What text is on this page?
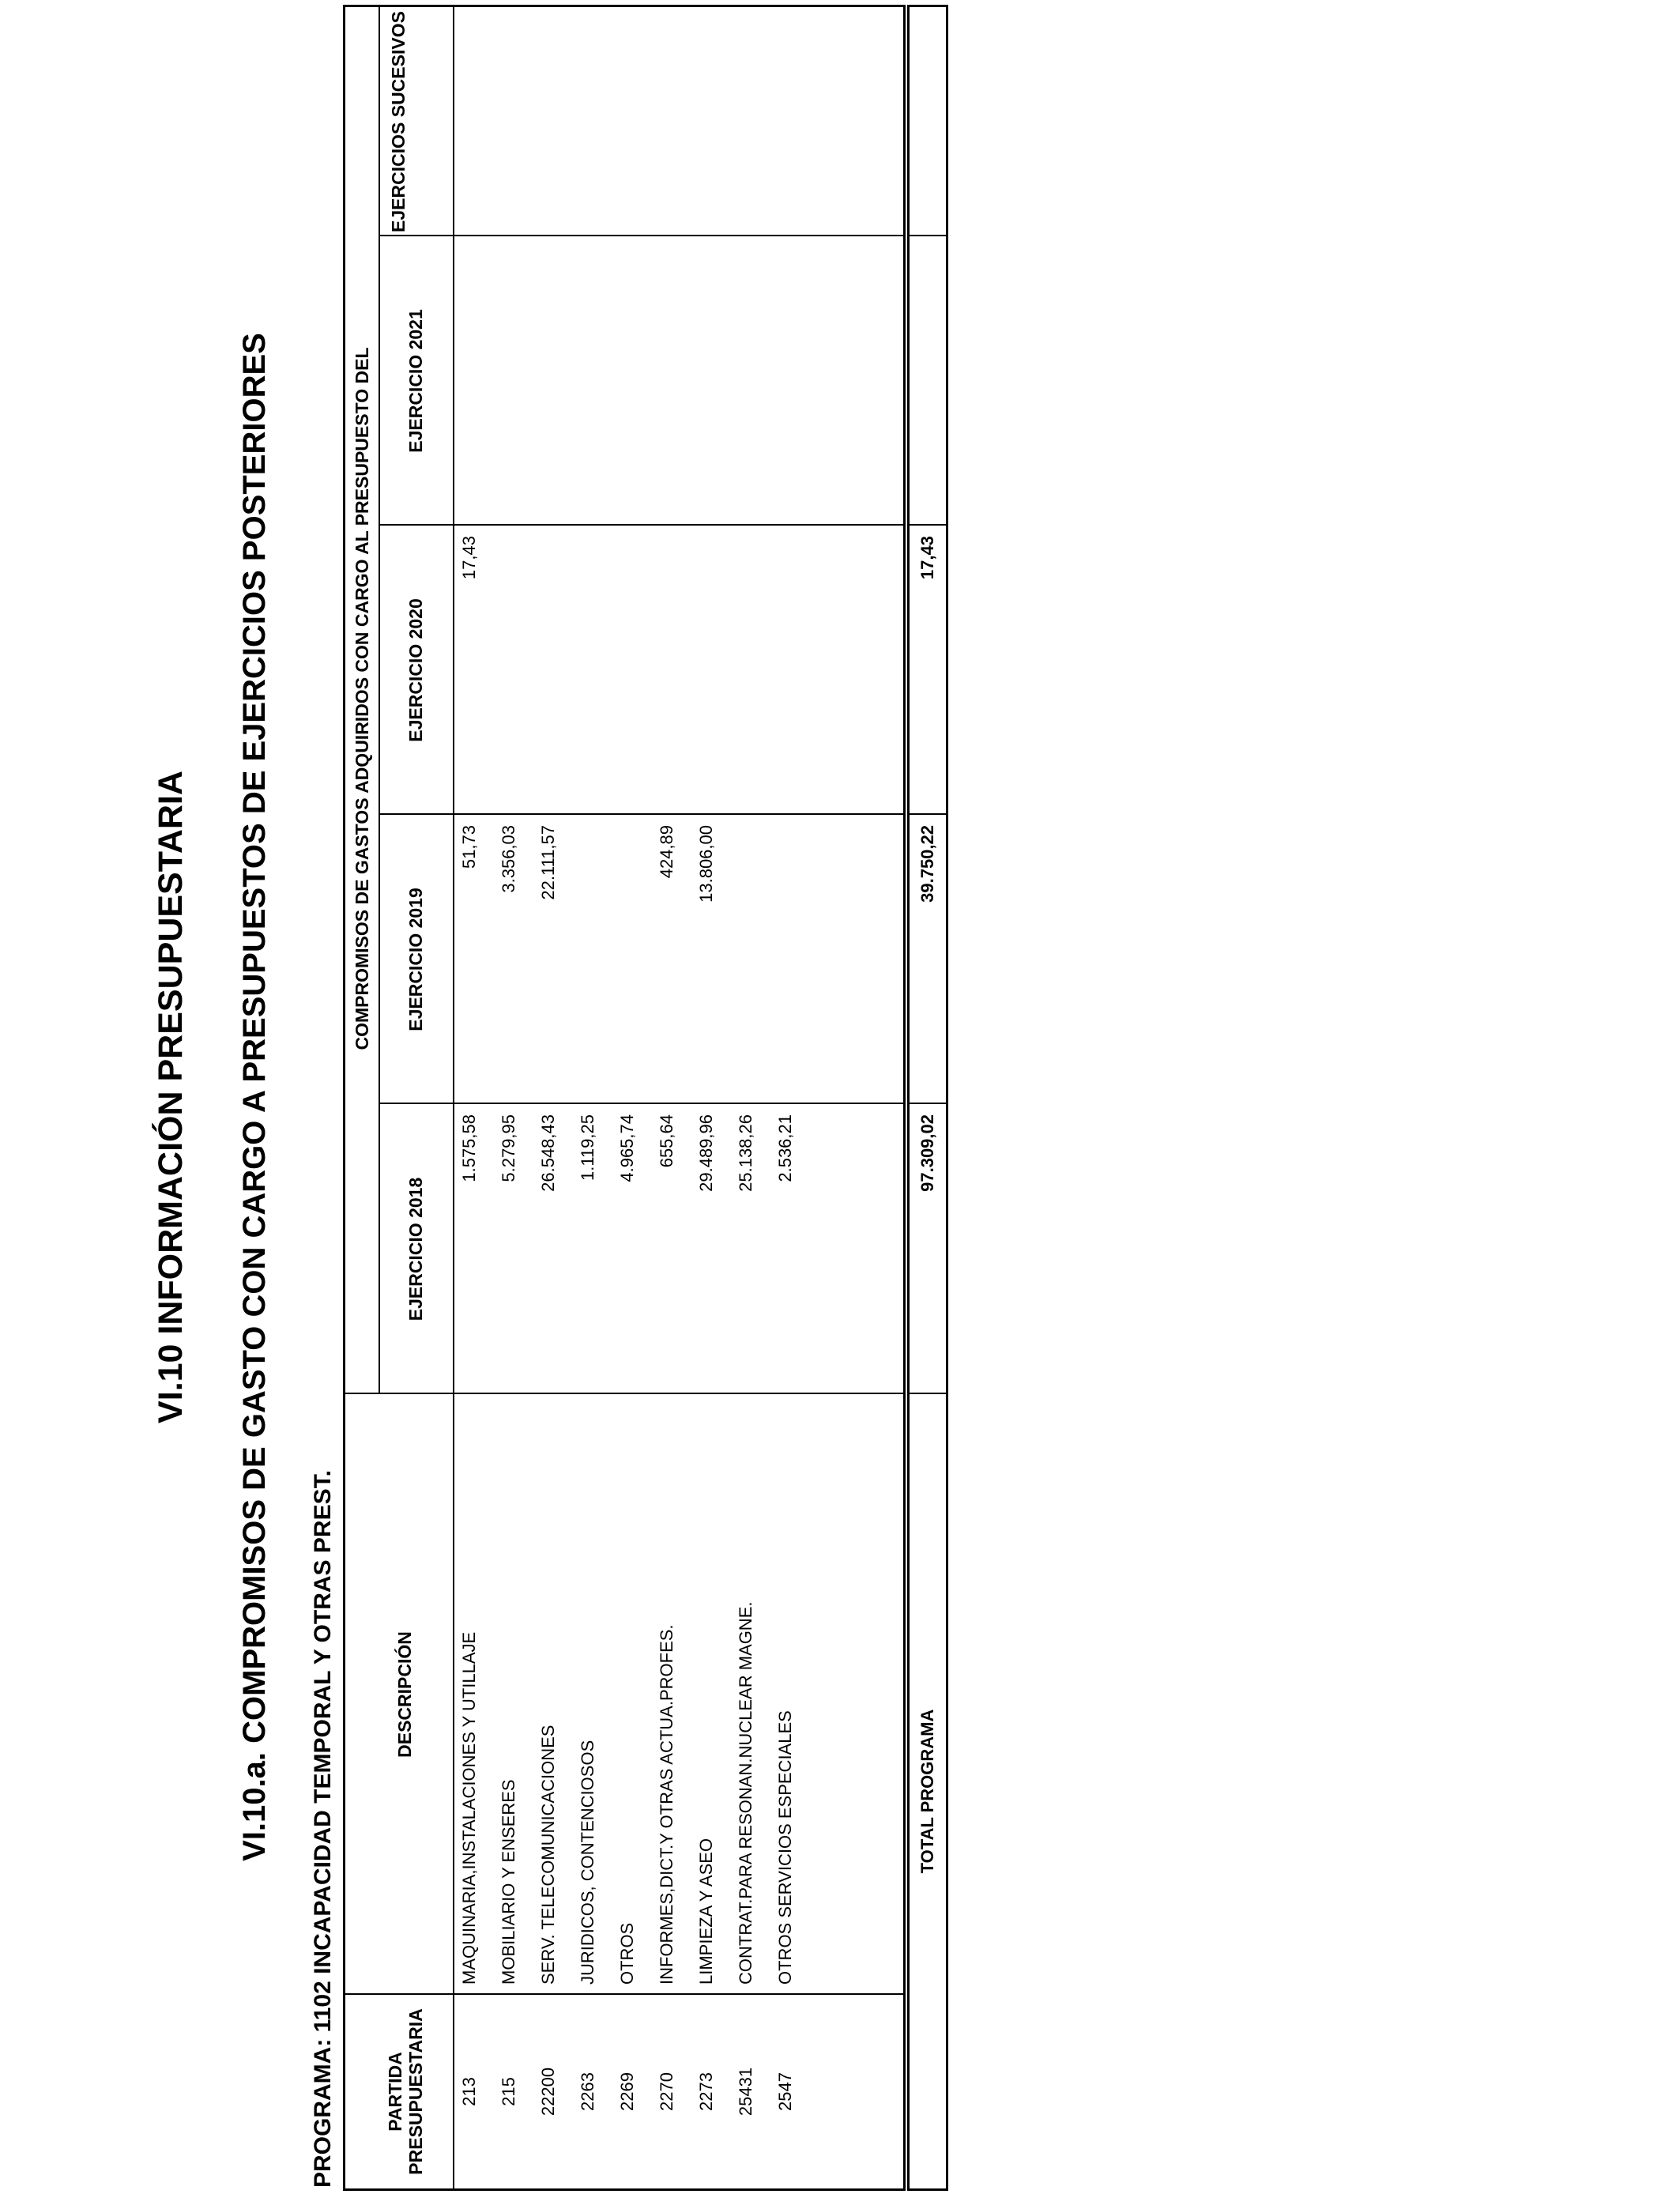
VI.10 INFORMACIÓN PRESUPUESTARIA VI.10.a. COMPROMISOS DE GASTO CON CARGO A PRESUPUESTOS DE EJERCICIOS POSTERIORES PROGRAMA: 1102 INCAPACIDAD TEMPORAL Y OTRAS PREST.	PARTIDA PRESUPUESTARIA
DESCRIPCIÓN
COMPROMISOS DE GASTOS ADQUIRIDOS CON CARGO AL PRESUPUESTO DEL
EJERCICIO 2018
EJERCICIO 2019
EJERCICIO 2020
EJERCICIO 2021
EJERCICIOS SUCESIVOS
213
MAQUINARIA,INSTALACIONES Y UTILLAJE
1.575,58
51,73
17,43
215
MOBILIARIO Y ENSERES
5.279,95
3.356,03
22200
SERV. TELECOMUNICACIONES
26.548,43
22.111,57
2263
JURIDICOS, CONTENCIOSOS
1.119,25
2269
OTROS
4.965,74
2270
INFORMES,DICT.Y OTRAS ACTUA.PROFES.
655,64
424,89
2273
LIMPIEZA Y ASEO
29.489,96
13.806,00
25431
CONTRAT.PARA RESONAN.NUCLEAR MAGNE.
25.138,26
2547
OTROS SERVICIOS ESPECIALES
2.536,21
TOTAL PROGRAMA
97.309,02
39.750,22
17,43
